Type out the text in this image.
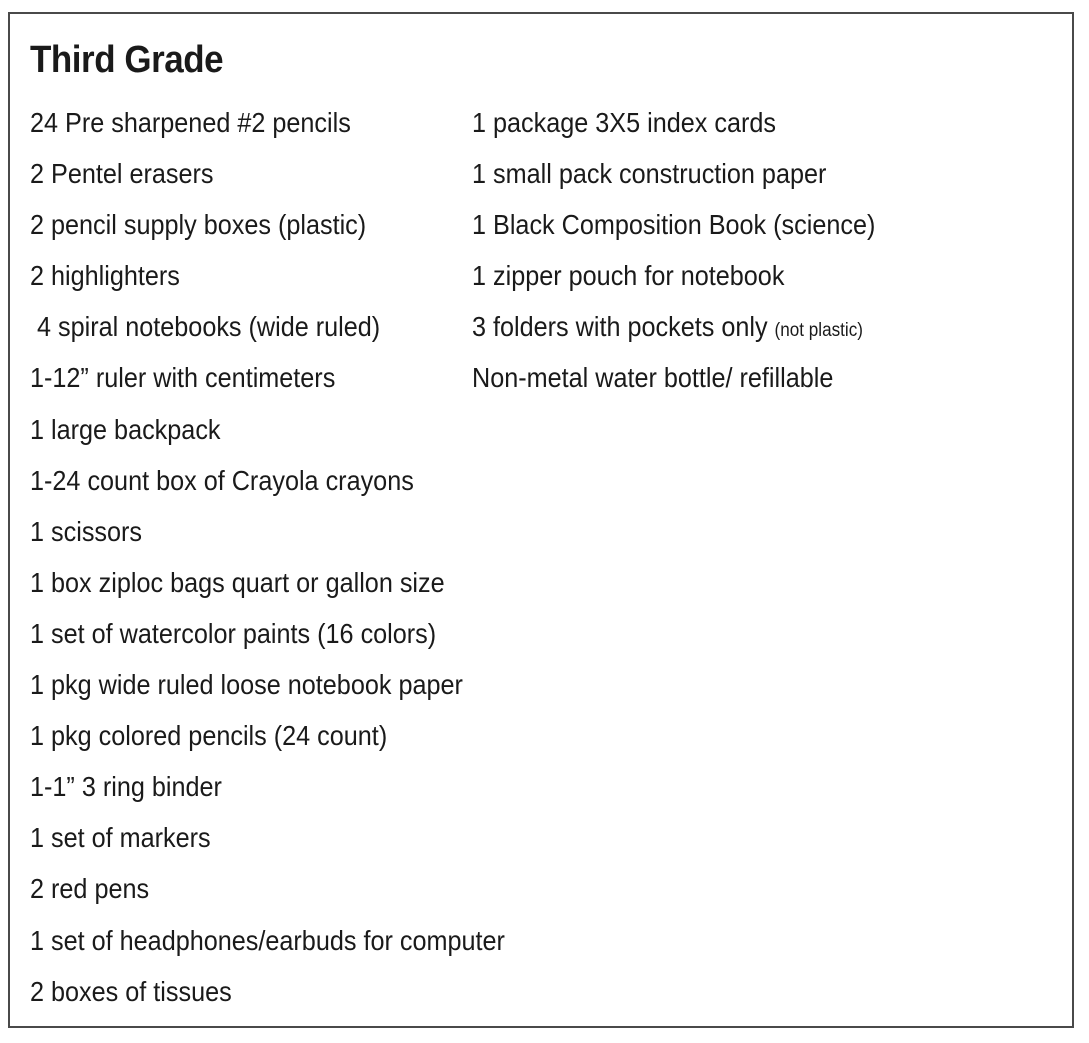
Third Grade
24 Pre sharpened #2 pencils
2 Pentel erasers
2 pencil supply boxes (plastic)
2 highlighters
4 spiral notebooks (wide ruled)
1-12” ruler with centimeters
1 large backpack
1-24 count box of Crayola crayons
1 scissors
1 box ziploc bags quart or gallon size
1 set of watercolor paints (16 colors)
1 pkg wide ruled loose notebook paper
1 pkg colored pencils (24 count)
1-1” 3 ring binder
1 set of markers
2 red pens
1 set of headphones/earbuds for computer
2 boxes of tissues
1 package 3X5 index cards
1 small pack construction paper
1 Black Composition Book (science)
1 zipper pouch for notebook
3 folders with pockets only (not plastic)
Non-metal water bottle/ refillable
